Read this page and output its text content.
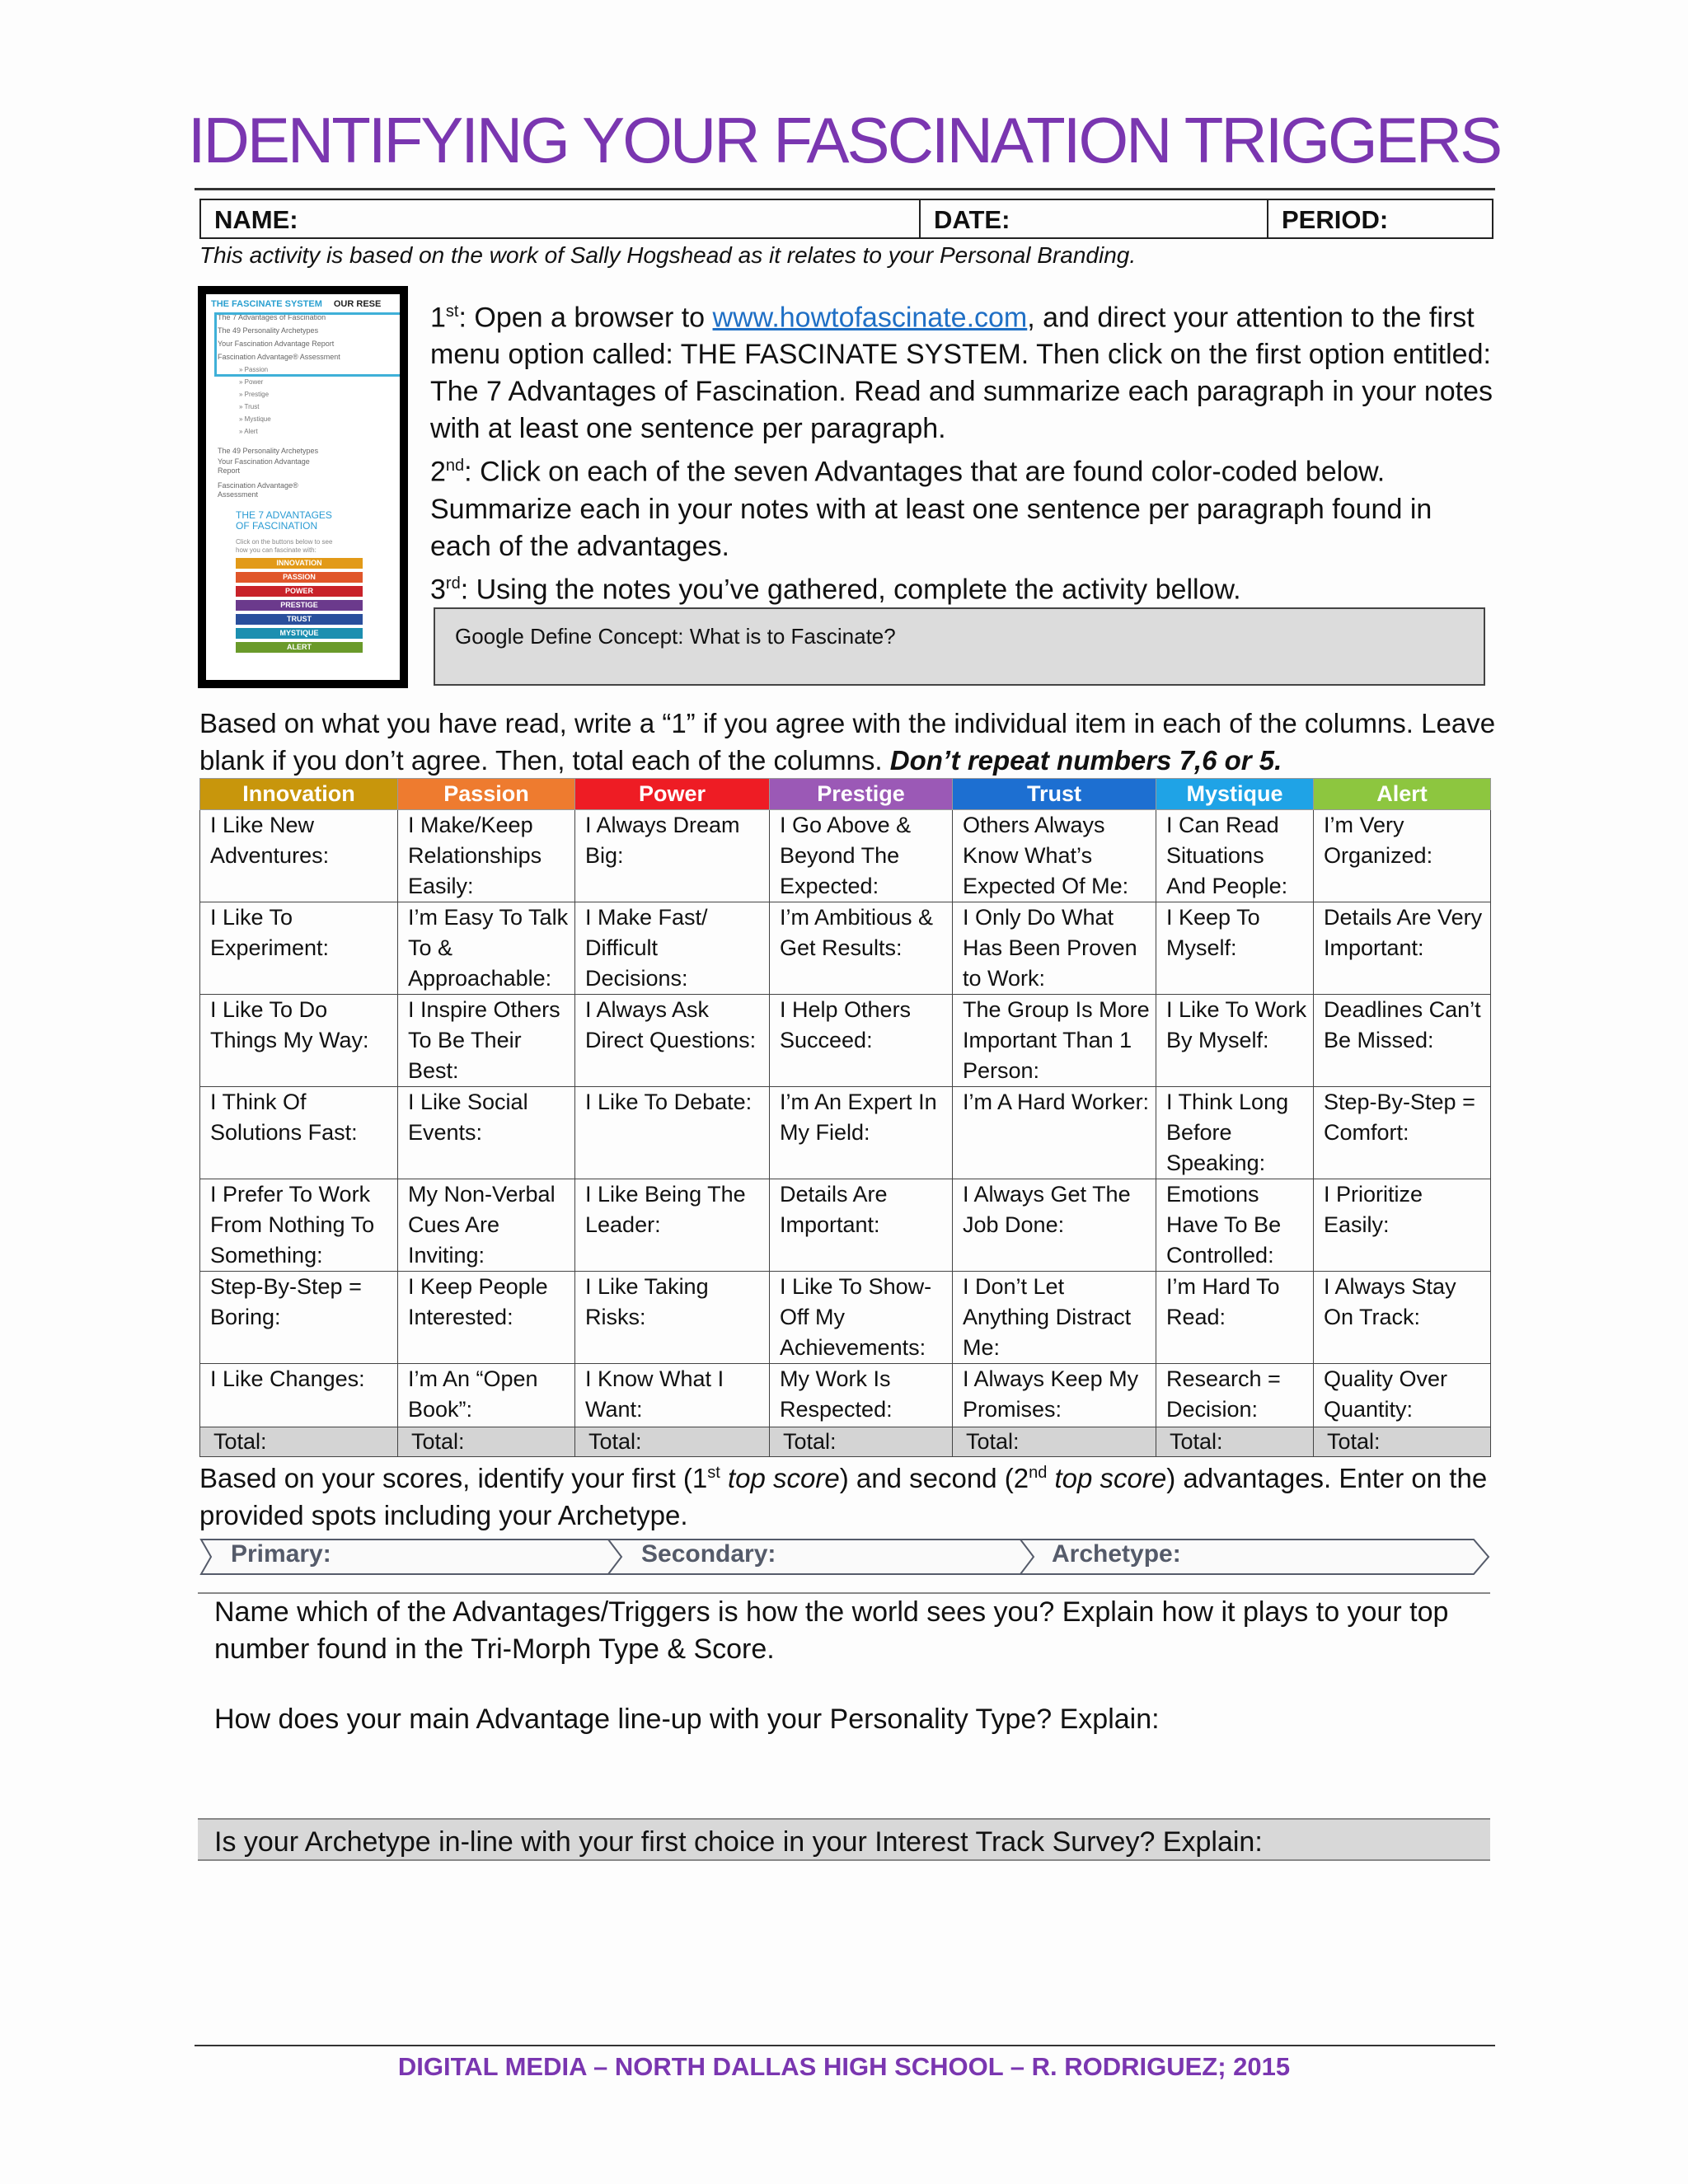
IDENTIFYING YOUR FASCINATION TRIGGERS
NAME:	DATE:	PERIOD:
This activity is based on the work of Sally Hogshead as it relates to your Personal Branding.
THE FASCINATE SYSTEM OUR RESE
The 7 Advantages of Fascination
The 49 Personality Archetypes
Your Fascination Advantage Report
Fascination Advantage® Assessment
» Passion
» Power
» Prestige
» Trust
» Mystique
» Alert
The 49 Personality Archetypes
Your Fascination Advantage
Report
Fascination Advantage®
Assessment
THE 7 ADVANTAGES
OF FASCINATION
Click on the buttons below to see
how you can fascinate with:
INNOVATION
PASSION
POWER
PRESTIGE
TRUST
MYSTIQUE
ALERT

1st: Open a browser to www.howtofascinate.com, and direct your attention to the first menu option called: THE FASCINATE SYSTEM. Then click on the first option entitled: The 7 Advantages of Fascination. Read and summarize each paragraph in your notes with at least one sentence per paragraph.

2nd: Click on each of the seven Advantages that are found color-coded below. Summarize each in your notes with at least one sentence per paragraph found in each of the advantages.

3rd: Using the notes you’ve gathered, complete the activity bellow.

Google Define Concept: What is to Fascinate?
Based on what you have read, write a “1” if you agree with the individual item in each of the columns. Leave blank if you don’t agree. Then, total each of the columns. Don’t repeat numbers 7,6 or 5.
Innovation	Passion	Power	Prestige	Trust	Mystique	Alert
I Like New Adventures:	I Make/Keep Relationships Easily:	I Always Dream Big:	I Go Above & Beyond The Expected:	Others Always Know What’s Expected Of Me:	I Can Read Situations And People:	I’m Very Organized:
I Like To Experiment:	I’m Easy To Talk To & Approachable:	I Make Fast/ Difficult Decisions:	I’m Ambitious & Get Results:	I Only Do What Has Been Proven to Work:	I Keep To Myself:	Details Are Very Important:
I Like To Do Things My Way:	I Inspire Others To Be Their Best:	I Always Ask Direct Questions:	I Help Others Succeed:	The Group Is More Important Than 1 Person:	I Like To Work By Myself:	Deadlines Can’t Be Missed:
I Think Of Solutions Fast:	I Like Social Events:	I Like To Debate:	I’m An Expert In My Field:	I’m A Hard Worker:	I Think Long Before Speaking:	Step-By-Step = Comfort:
I Prefer To Work From Nothing To Something:	My Non-Verbal Cues Are Inviting:	I Like Being The Leader:	Details Are Important:	I Always Get The Job Done:	Emotions Have To Be Controlled:	I Prioritize Easily:
Step-By-Step = Boring:	I Keep People Interested:	I Like Taking Risks:	I Like To Show-Off My Achievements:	I Don’t Let Anything Distract Me:	I’m Hard To Read:	I Always Stay On Track:
I Like Changes:	I’m An “Open Book”:	I Know What I Want:	My Work Is Respected:	I Always Keep My Promises:	Research = Decision:	Quality Over Quantity:
Total:	Total:	Total:	Total:	Total:	Total:	Total:
Based on your scores, identify your first (1st top score) and second (2nd top score) advantages. Enter on the provided spots including your Archetype.
Primary:	Secondary:	Archetype:
Name which of the Advantages/Triggers is how the world sees you? Explain how it plays to your top number found in the Tri-Morph Type & Score.
How does your main Advantage line-up with your Personality Type? Explain:
Is your Archetype in-line with your first choice in your Interest Track Survey? Explain:
DIGITAL MEDIA – NORTH DALLAS HIGH SCHOOL – R. RODRIGUEZ; 2015
